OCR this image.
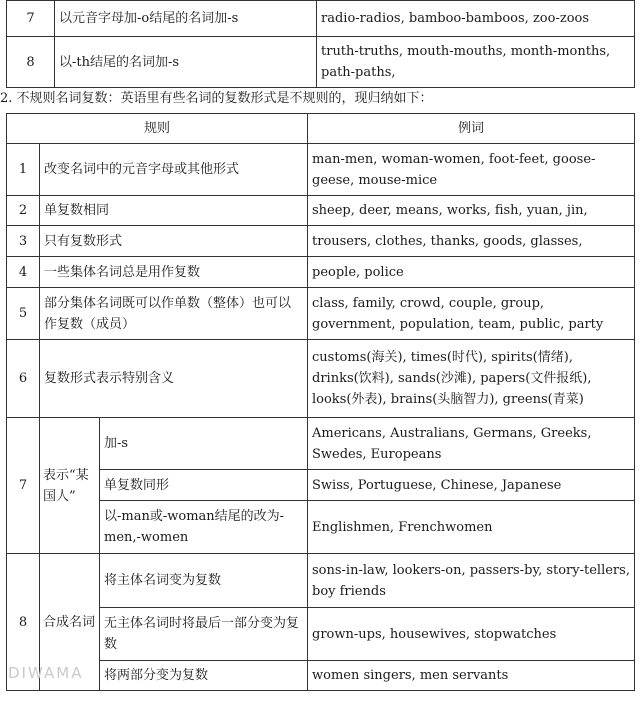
7	以元音字母加-o结尾的名词加-s	radio-radios, bamboo-bamboos, zoo-zoos
8	以-th结尾的名词加-s	truth-truths, mouth-mouths, month-months, path-paths,
2. 不规则名词复数：英语里有些名词的复数形式是不规则的，现归纳如下：
规则			例词
1	改变名词中的元音字母或其他形式		man-men, woman-women, foot-feet, goose-geese, mouse-mice
2	单复数相同		sheep, deer, means, works, fish, yuan, jin,
3	只有复数形式		trousers, clothes, thanks, goods, glasses,
4	一些集体名词总是用作复数		people, police
5	部分集体名词既可以作单数（整体）也可以作复数（成员）		class, family, crowd, couple, group, government, population, team, public, party
6	复数形式表示特别含义		customs(海关), times(时代), spirits(情绪), drinks(饮料), sands(沙滩), papers(文件报纸), looks(外表), brains(头脑智力), greens(青菜)
7	表示“某国人”	加-s	Americans, Australians, Germans, Greeks, Swedes, Europeans
		单复数同形	Swiss, Portuguese, Chinese, Japanese
		以-man或-woman结尾的改为-men,-women	Englishmen, Frenchwomen
8	合成名词	将主体名词变为复数	sons-in-law, lookers-on, passers-by, story-tellers, boy friends
		无主体名词时将最后一部分变为复数	grown-ups, housewives, stopwatches
		将两部分变为复数	women singers, men servants
DIWAMA
